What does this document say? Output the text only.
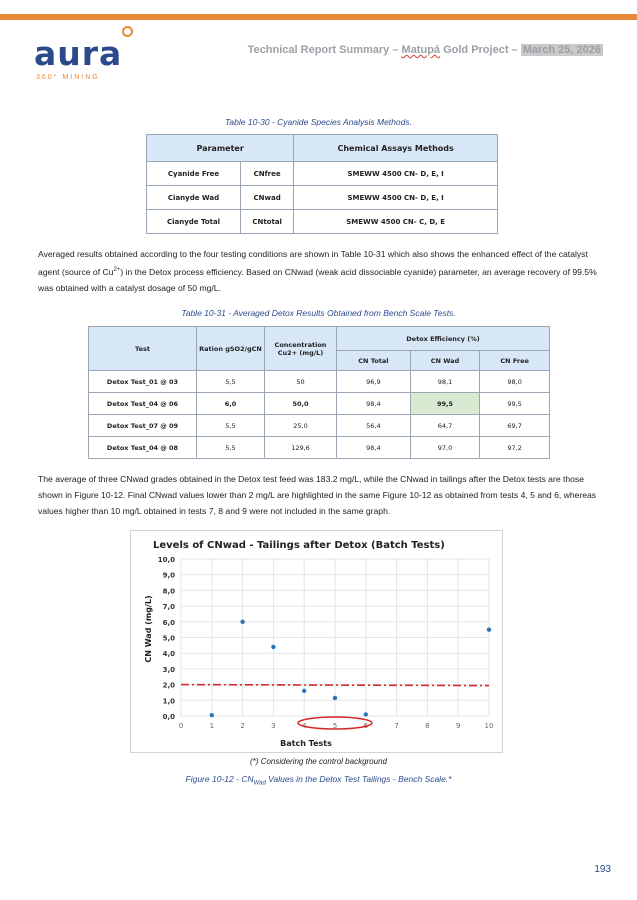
aura
360° MINING
Technical Report Summary – Matupá Gold Project – March 25, 2026
Table 10-30 - Cyanide Species Analysis Methods.
Parameter		Chemical Assays Methods
Cyanide Free	CNfree	SMEWW 4500 CN- D, E, I
Cianyde Wad	CNwad	SMEWW 4500 CN- D, E, I
Cianyde Total	CNtotal	SMEWW 4500 CN- C, D, E
Averaged results obtained according to the four testing conditions are shown in Table 10-31 which also shows the enhanced effect of the catalyst agent (source of $Cu^{2+}$) in the Detox process efficiency. Based on CNwad (weak acid dissociable cyanide) parameter, an average recovery of 99.5% was obtained with a catalyst dosage of 50 mg/L.
Table 10-31 - Averaged Detox Results Obtained from Bench Scale Tests.
Test	Ration gSO2/gCN	Concentration Cu2+ (mg/L)	Detox Efficiency (%)		
			CN Total	CN Wad	CN Free
Detox Test_01 @ 03	5,5	50	96,9	98,1	98,0
Detox Test_04 @ 06	6,0	50,0	98,4	99,5	99,5
Detox Test_07 @ 09	5,5	25,0	56,4	64,7	69,7
Detox Test_04 @ 08	5,5	129,6	98,4	97,0	97,2
The average of three CNwad grades obtained in the Detox test feed was 183.2 mg/L, while the CNwad in tailings after the Detox tests are those shown in Figure 10-12. Final CNwad values lower than 2 mg/L are highlighted in the same Figure 10-12 as obtained from tests 4, 5 and 6, whereas values higher than 10 mg/L obtained in tests 7, 8 and 9 were not included in the same graph.
Levels of CNwad - Tailings after Detox (Batch Tests)
Batch Tests
CN Wad (mg/L)
0	1	2	3	4	5	6	7	8	9	10
0,0
1,0
2,0
3,0
4,0
5,0
6,0
7,0
8,0
9,0
10,0
(*) Considering the control background
Figure $10-12 - CN_{Wad}$ Values in the Detox Test Tailings - Bench Scale.*
193
